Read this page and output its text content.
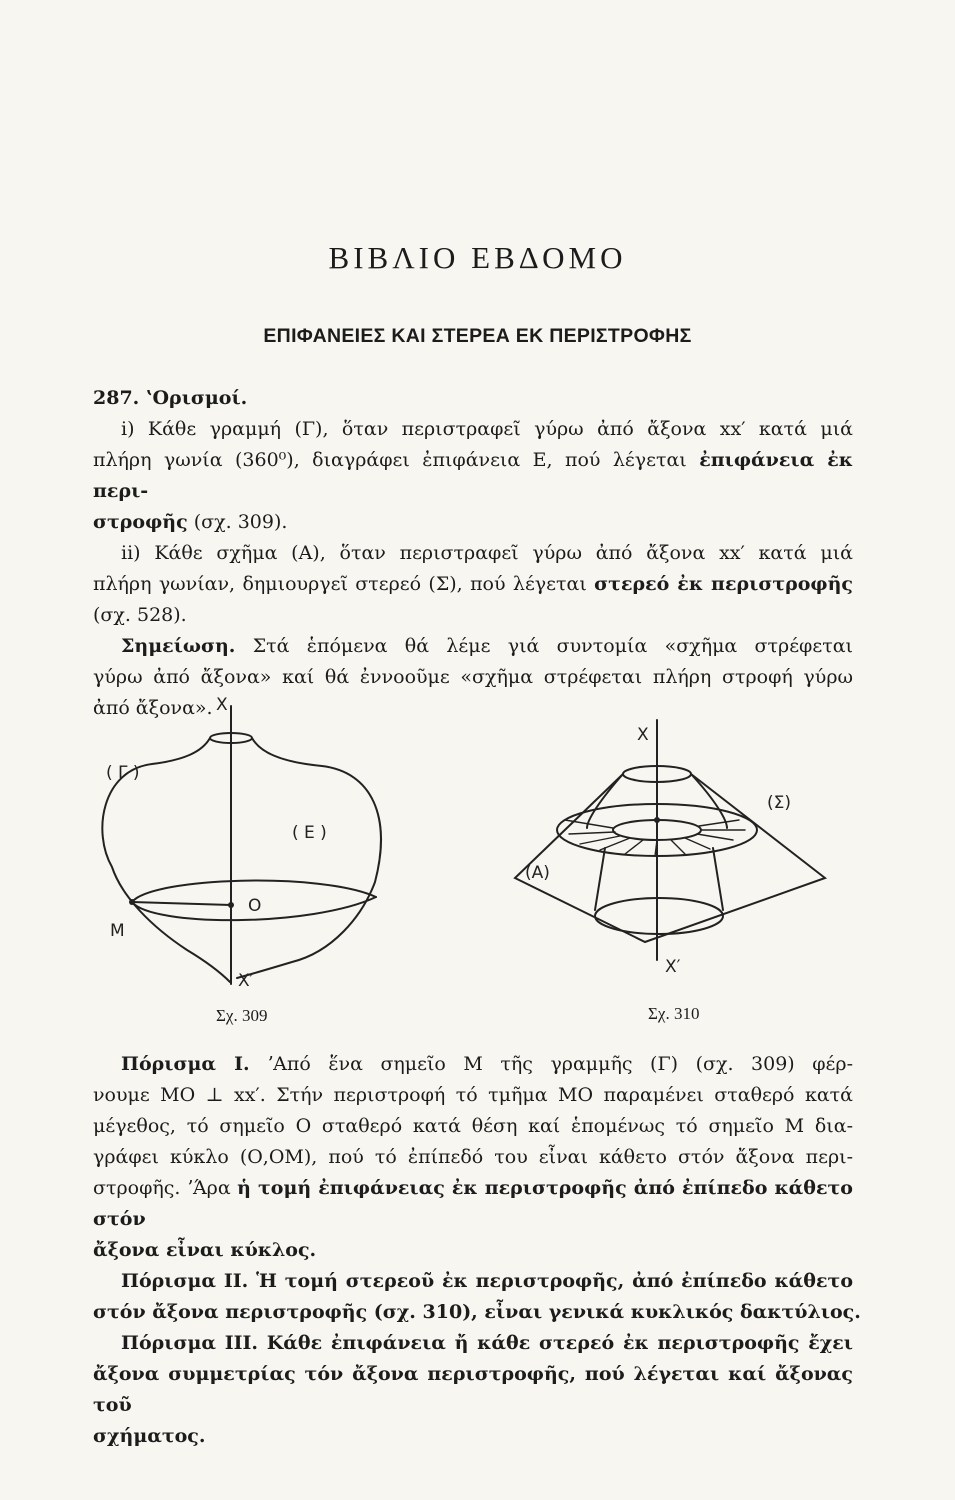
ΒΙΒΛΙΟ ΕΒΔΟΜΟ
ΕΠΙΦΑΝΕΙΕΣ ΚΑΙ ΣΤΕΡΕΑ ΕΚ ΠΕΡΙΣΤΡΟΦΗΣ
287. ʽΟρισμοί.
i) Κάθε γραμμή (Γ), ὅταν περιστραφεῖ γύρω ἀπό ἄξονα xx′ κατά μιά
πλήρη γωνία (360⁰), διαγράφει ἐπιφάνεια Ε, πού λέγεται ἐπιφάνεια ἐκ περι-
στροφῆς (σχ. 309).
ii) Κάθε σχῆμα (Α), ὅταν περιστραφεῖ γύρω ἀπό ἄξονα xx′ κατά μιά
πλήρη γωνίαν, δημιουργεῖ στερεό (Σ), πού λέγεται στερεό ἐκ περιστροφῆς
(σχ. 528).
Σημείωση. Στά ἑπόμενα θά λέμε γιά συντομία «σχῆμα στρέφεται
γύρω ἀπό ἄξονα» καί θά ἐννοοῦμε «σχῆμα στρέφεται πλήρη στροφή γύρω
ἀπό ἄξονα». X
( Γ )
( Ε )
O
M
X′
Σχ. 309
X
(Σ)
(Α)
X′
Σχ. 310
Πόρισμα Ι. ʼΑπό ἕνα σημεῖο Μ τῆς γραμμῆς (Γ) (σχ. 309) φέρ-
νουμε ΜΟ ⊥ xx′. Στήν περιστροφή τό τμῆμα ΜΟ παραμένει σταθερό κατά
μέγεθος, τό σημεῖο Ο σταθερό κατά θέση καί ἑπομένως τό σημεῖο Μ δια-
γράφει κύκλο (Ο,ΟΜ), πού τό ἐπίπεδό του εἶναι κάθετο στόν ἄξονα περι-
στροφῆς. ʼΆρα ἡ τομή ἐπιφάνειας ἐκ περιστροφῆς ἀπό ἐπίπεδο κάθετο στόν
ἄξονα εἶναι κύκλος.
Πόρισμα ΙΙ. Ἡ τομή στερεοῦ ἐκ περιστροφῆς, ἀπό ἐπίπεδο κάθετο
στόν ἄξονα περιστροφῆς (σχ. 310), εἶναι γενικά κυκλικός δακτύλιος.
Πόρισμα ΙΙΙ. Κάθε ἐπιφάνεια ἤ κάθε στερεό ἐκ περιστροφῆς ἔχει
ἄξονα συμμετρίας τόν ἄξονα περιστροφῆς, πού λέγεται καί ἄξονας τοῦ
σχήματος.
